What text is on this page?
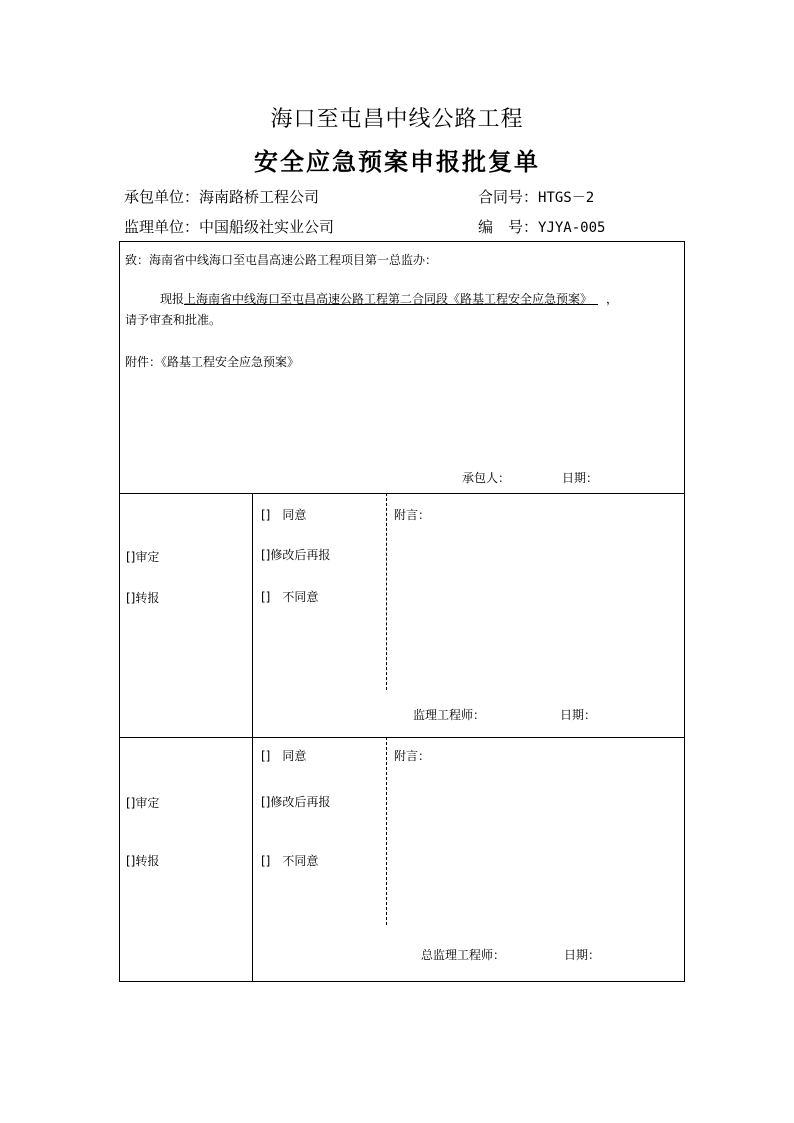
海口至屯昌中线公路工程
安全应急预案申报批复单
承包单位：海南路桥工程公司	合同号：HTGS－2
监理单位：中国船级社实业公司	编　号：YJYA-005
致：海南省中线海口至屯昌高速公路工程项目第一总监办：
现报上海南省中线海口至屯昌高速公路工程第二合同段《路基工程安全应急预案》　，
请予审查和批准。
附件：《路基工程安全应急预案》
承包人：	日期：
[]审定
[]转报
[]　同意
[]修改后再报
[]　不同意
附言：
监理工程师：	日期：
[]审定
[]转报
[]　同意
[]修改后再报
[]　不同意
附言：
总监理工程师：	日期：
